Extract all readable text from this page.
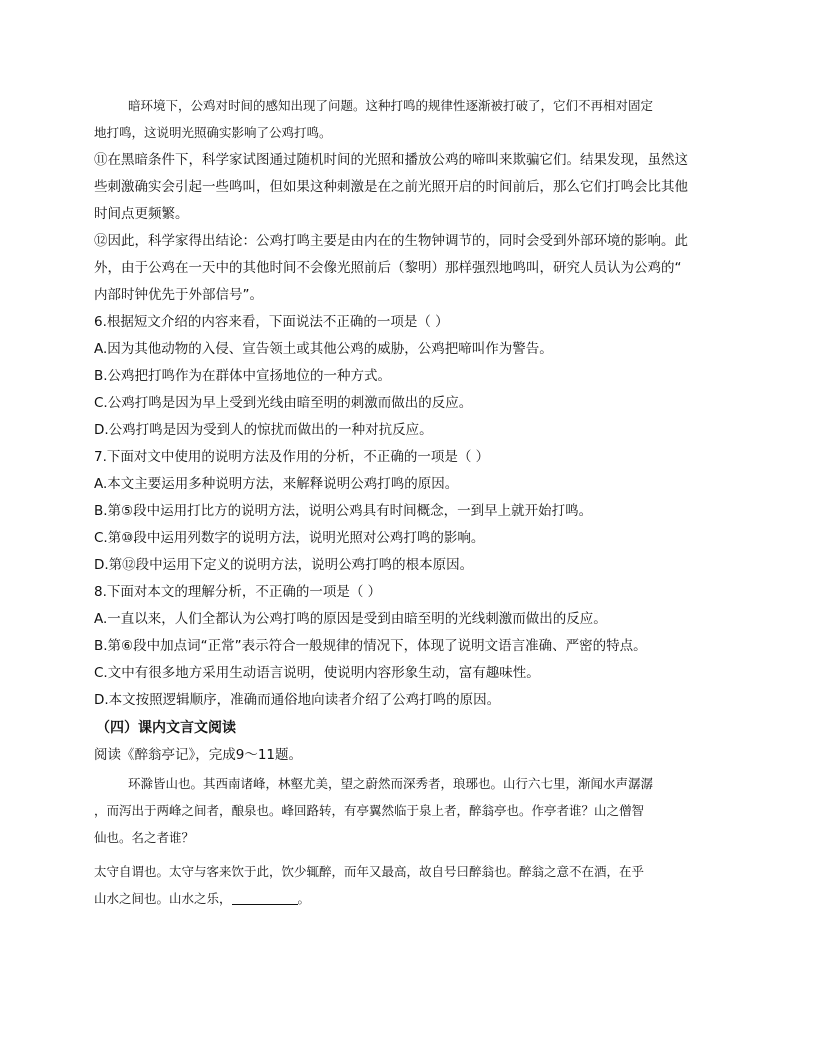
暗环境下，公鸡对时间的感知出现了问题。这种打鸣的规律性逐渐被打破了，它们不再相对固定
地打鸣，这说明光照确实影响了公鸡打鸣。
⑪在黑暗条件下，科学家试图通过随机时间的光照和播放公鸡的啼叫来欺骗它们。结果发现，虽然这
些刺激确实会引起一些鸣叫，但如果这种刺激是在之前光照开启的时间前后，那么它们打鸣会比其他
时间点更频繁。
⑫因此，科学家得出结论：公鸡打鸣主要是由内在的生物钟调节的，同时会受到外部环境的影响。此
外，由于公鸡在一天中的其他时间不会像光照前后（黎明）那样强烈地鸣叫，研究人员认为公鸡的“
内部时钟优先于外部信号”。
6.根据短文介绍的内容来看，下面说法不正确的一项是（ ）
A.因为其他动物的入侵、宣告领土或其他公鸡的威胁，公鸡把啼叫作为警告。
B.公鸡把打鸣作为在群体中宣扬地位的一种方式。
C.公鸡打鸣是因为早上受到光线由暗至明的刺激而做出的反应。
D.公鸡打鸣是因为受到人的惊扰而做出的一种对抗反应。
7.下面对文中使用的说明方法及作用的分析，不正确的一项是（ ）
A.本文主要运用多种说明方法，来解释说明公鸡打鸣的原因。
B.第⑤段中运用打比方的说明方法，说明公鸡具有时间概念，一到早上就开始打鸣。
C.第⑩段中运用列数字的说明方法，说明光照对公鸡打鸣的影响。
D.第⑫段中运用下定义的说明方法，说明公鸡打鸣的根本原因。
8.下面对本文的理解分析，不正确的一项是（ ）
A.一直以来，人们全都认为公鸡打鸣的原因是受到由暗至明的光线刺激而做出的反应。
B.第⑥段中加点词“正常”表示符合一般规律的情况下，体现了说明文语言准确、严密的特点。
C.文中有很多地方采用生动语言说明，使说明内容形象生动，富有趣味性。
D.本文按照逻辑顺序，准确而通俗地向读者介绍了公鸡打鸣的原因。
（四）课内文言文阅读
阅读《醉翁亭记》，完成9～11题。
环滁皆山也。其西南诸峰，林壑尤美，望之蔚然而深秀者，琅琊也。山行六七里，渐闻水声潺潺
，而泻出于两峰之间者，酿泉也。峰回路转，有亭翼然临于泉上者，醉翁亭也。作亭者谁？山之僧智
仙也。名之者谁？
太守自谓也。太守与客来饮于此，饮少辄醉，而年又最高，故自号曰醉翁也。醉翁之意不在酒，在乎
山水之间也。山水之乐，	。
